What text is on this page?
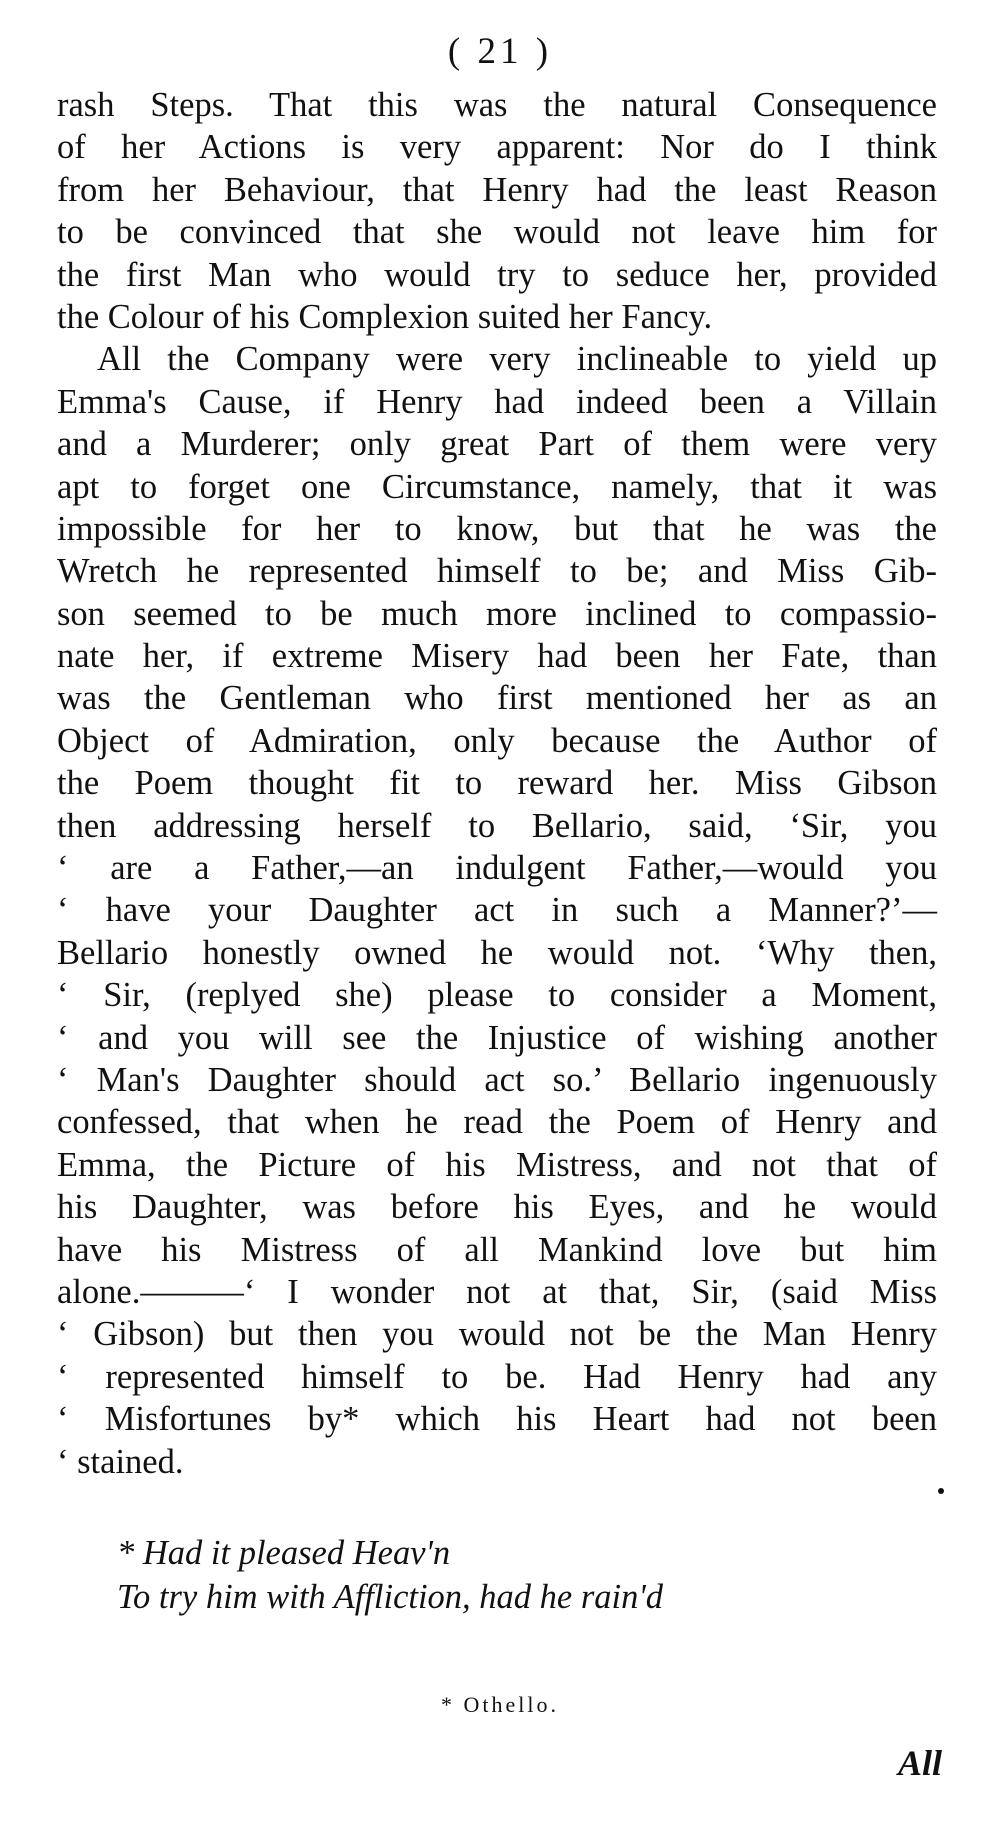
( 21 )
rash Steps. That this was the natural Consequence
of her Actions is very apparent: Nor do I think
from her Behaviour, that Henry had the least Reason
to be convinced that she would not leave him for
the first Man who would try to seduce her, provided
the Colour of his Complexion suited her Fancy.
All the Company were very inclineable to yield up
Emma's Cause, if Henry had indeed been a Villain
and a Murderer; only great Part of them were very
apt to forget one Circumstance, namely, that it was
impossible for her to know, but that he was the
Wretch he represented himself to be; and Miss Gib-
son seemed to be much more inclined to compassio-
nate her, if extreme Misery had been her Fate, than
was the Gentleman who first mentioned her as an
Object of Admiration, only because the Author of
the Poem thought fit to reward her. Miss Gibson
then addressing herself to Bellario, said, ‘Sir, you
‘ are a Father,—an indulgent Father,—would you
‘ have your Daughter act in such a Manner?’—
Bellario honestly owned he would not. ‘Why then,
‘ Sir, (replyed she) please to consider a Moment,
‘ and you will see the Injustice of wishing another
‘ Man's Daughter should act so.’ Bellario ingenuously
confessed, that when he read the Poem of Henry and
Emma, the Picture of his Mistress, and not that of
his Daughter, was before his Eyes, and he would
have his Mistress of all Mankind love but him
alone.———‘ I wonder not at that, Sir, (said Miss
‘ Gibson) but then you would not be the Man Henry
‘ represented himself to be. Had Henry had any
‘ Misfortunes by* which his Heart had not been
‘ stained.
* Had it pleased Heav'n
To try him with Affliction, had he rain'd
* Othello.
All
